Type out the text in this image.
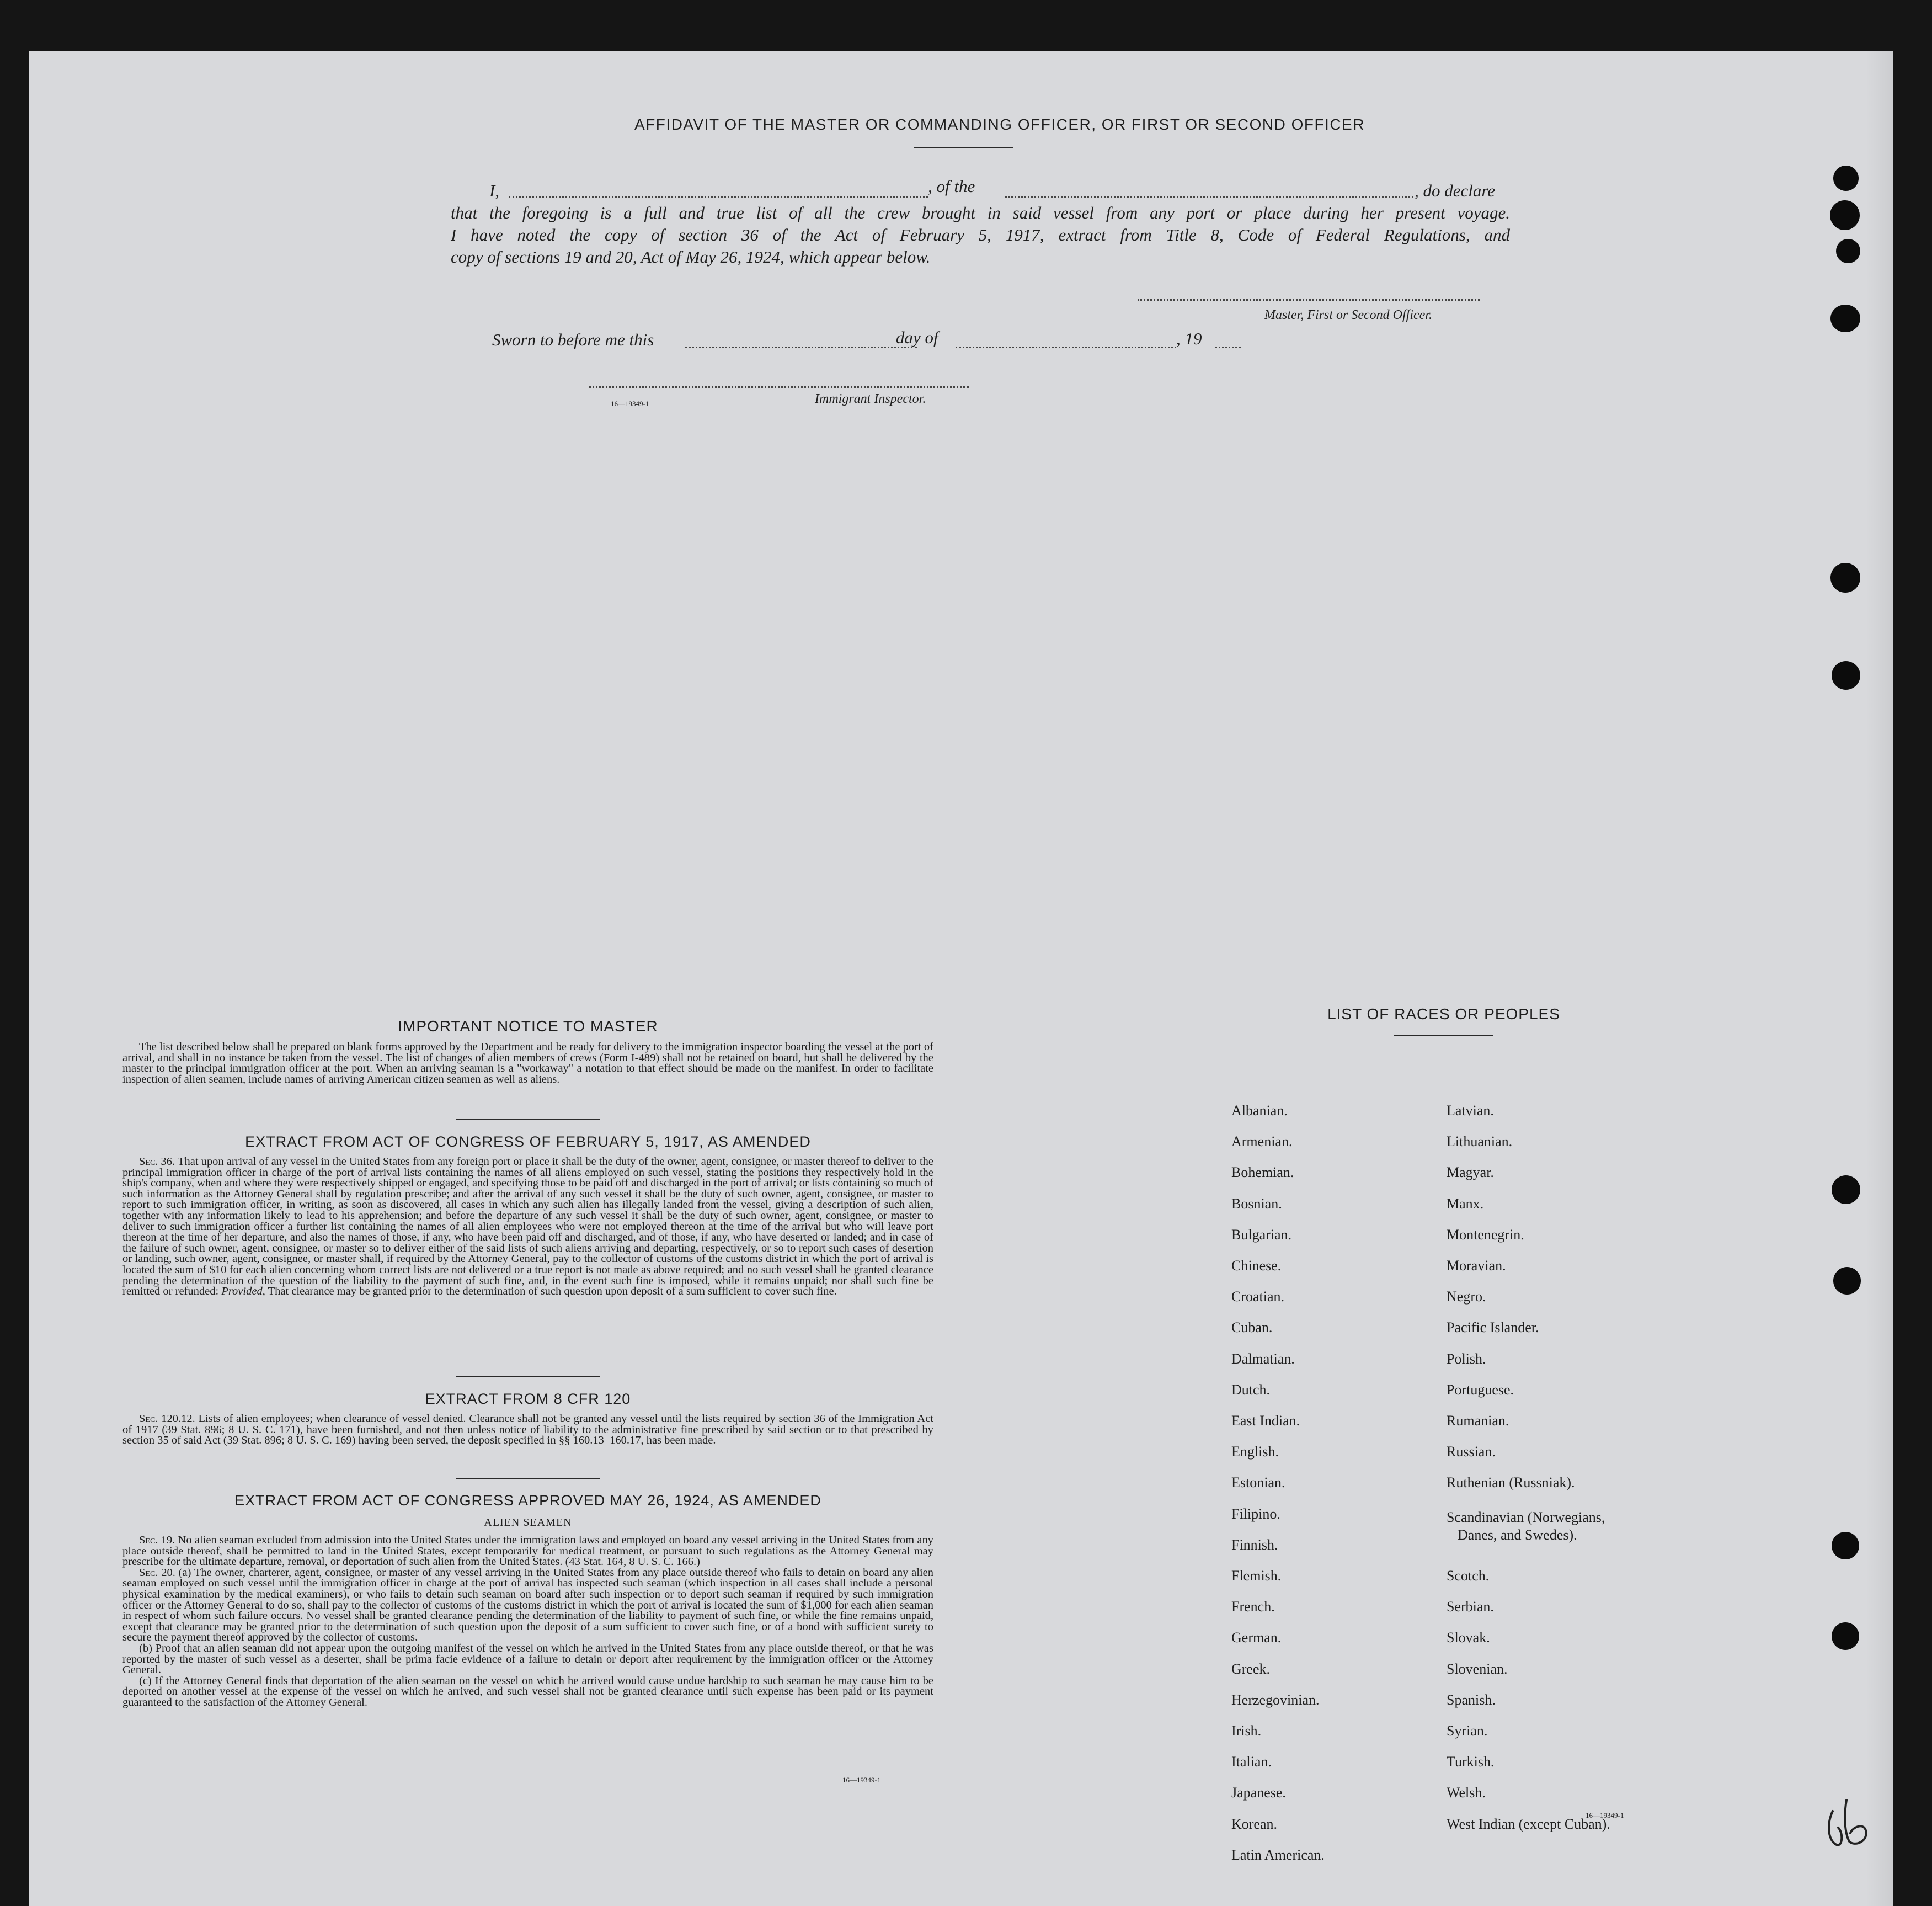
AFFIDAVIT OF THE MASTER OR COMMANDING OFFICER, OR FIRST OR SECOND OFFICER
I,	, of the	, do declare
that the foregoing is a full and true list of all the crew brought in said vessel from any port or place during her present voyage.
I have noted the copy of section 36 of the Act of February 5, 1917, extract from Title 8, Code of Federal Regulations, and
copy of sections 19 and 20, Act of May 26, 1924, which appear below.
Master, First or Second Officer.
Sworn to before me this	day of	, 19
16—19349-1	Immigrant Inspector.
IMPORTANT NOTICE TO MASTER

The list described below shall be prepared on blank forms approved by the Department and be ready for delivery to the immigration inspector boarding the vessel at the port of arrival, and shall in no instance be taken from the vessel. The list of changes of alien members of crews (Form I-489) shall not be retained on board, but shall be delivered by the master to the principal immigration officer at the port. When an arriving seaman is a "workaway" a notation to that effect should be made on the manifest. In order to facilitate inspection of alien seamen, include names of arriving American citizen seamen as well as aliens.

EXTRACT FROM ACT OF CONGRESS OF FEBRUARY 5, 1917, AS AMENDED

Sec. 36. That upon arrival of any vessel in the United States from any foreign port or place it shall be the duty of the owner, agent, consignee, or master thereof to deliver to the principal immigration officer in charge of the port of arrival lists containing the names of all aliens employed on such vessel, stating the positions they respectively hold in the ship's company, when and where they were respectively shipped or engaged, and specifying those to be paid off and discharged in the port of arrival; or lists containing so much of such information as the Attorney General shall by regulation prescribe; and after the arrival of any such vessel it shall be the duty of such owner, agent, consignee, or master to report to such immigration officer, in writing, as soon as discovered, all cases in which any such alien has illegally landed from the vessel, giving a description of such alien, together with any information likely to lead to his apprehension; and before the departure of any such vessel it shall be the duty of such owner, agent, consignee, or master to deliver to such immigration officer a further list containing the names of all alien employees who were not employed thereon at the time of the arrival but who will leave port thereon at the time of her departure, and also the names of those, if any, who have been paid off and discharged, and of those, if any, who have deserted or landed; and in case of the failure of such owner, agent, consignee, or master so to deliver either of the said lists of such aliens arriving and departing, respectively, or so to report such cases of desertion or landing, such owner, agent, consignee, or master shall, if required by the Attorney General, pay to the collector of customs of the customs district in which the port of arrival is located the sum of $10 for each alien concerning whom correct lists are not delivered or a true report is not made as above required; and no such vessel shall be granted clearance pending the determination of the question of the liability to the payment of such fine, and, in the event such fine is imposed, while it remains unpaid; nor shall such fine be remitted or refunded: Provided, That clearance may be granted prior to the determination of such question upon deposit of a sum sufficient to cover such fine.

EXTRACT FROM 8 CFR 120

Sec. 120.12. Lists of alien employees; when clearance of vessel denied. Clearance shall not be granted any vessel until the lists required by section 36 of the Immigration Act of 1917 (39 Stat. 896; 8 U. S. C. 171), have been furnished, and not then unless notice of liability to the administrative fine prescribed by said section or to that prescribed by section 35 of said Act (39 Stat. 896; 8 U. S. C. 169) having been served, the deposit specified in §§ 160.13–160.17, has been made.

EXTRACT FROM ACT OF CONGRESS APPROVED MAY 26, 1924, AS AMENDED
ALIEN SEAMEN

Sec. 19. No alien seaman excluded from admission into the United States under the immigration laws and employed on board any vessel arriving in the United States from any place outside thereof, shall be permitted to land in the United States, except temporarily for medical treatment, or pursuant to such regulations as the Attorney General may prescribe for the ultimate departure, removal, or deportation of such alien from the United States. (43 Stat. 164, 8 U. S. C. 166.)

Sec. 20. (a) The owner, charterer, agent, consignee, or master of any vessel arriving in the United States from any place outside thereof who fails to detain on board any alien seaman employed on such vessel until the immigration officer in charge at the port of arrival has inspected such seaman (which inspection in all cases shall include a personal physical examination by the medical examiners), or who fails to detain such seaman on board after such inspection or to deport such seaman if required by such immigration officer or the Attorney General to do so, shall pay to the collector of customs of the customs district in which the port of arrival is located the sum of $1,000 for each alien seaman in respect of whom such failure occurs. No vessel shall be granted clearance pending the determination of the liability to payment of such fine, or while the fine remains unpaid, except that clearance may be granted prior to the determination of such question upon the deposit of a sum sufficient to cover such fine, or of a bond with sufficient surety to secure the payment thereof approved by the collector of customs.

(b) Proof that an alien seaman did not appear upon the outgoing manifest of the vessel on which he arrived in the United States from any place outside thereof, or that he was reported by the master of such vessel as a deserter, shall be prima facie evidence of a failure to detain or deport after requirement by the immigration officer or the Attorney General.

(c) If the Attorney General finds that deportation of the alien seaman on the vessel on which he arrived would cause undue hardship to such seaman he may cause him to be deported on another vessel at the expense of the vessel on which he arrived, and such vessel shall not be granted clearance until such expense has been paid or its payment guaranteed to the satisfaction of the Attorney General.

16—19349-1
LIST OF RACES OR PEOPLES
16—19349-1
Albanian.
Armenian.
Bohemian.
Bosnian.
Bulgarian.
Chinese.
Croatian.
Cuban.
Dalmatian.
Dutch.
East Indian.
English.
Estonian.
Filipino.
Finnish.
Flemish.
French.
German.
Greek.
Herzegovinian.
Irish.
Italian.
Japanese.
Korean.
Latin American.
Latvian.
Lithuanian.
Magyar.
Manx.
Montenegrin.
Moravian.
Negro.
Pacific Islander.
Polish.
Portuguese.
Rumanian.
Russian.
Ruthenian (Russniak).
Scandinavian (Norwegians,
Danes, and Swedes).
Scotch.
Serbian.
Slovak.
Slovenian.
Spanish.
Syrian.
Turkish.
Welsh.
West Indian (except Cuban).
